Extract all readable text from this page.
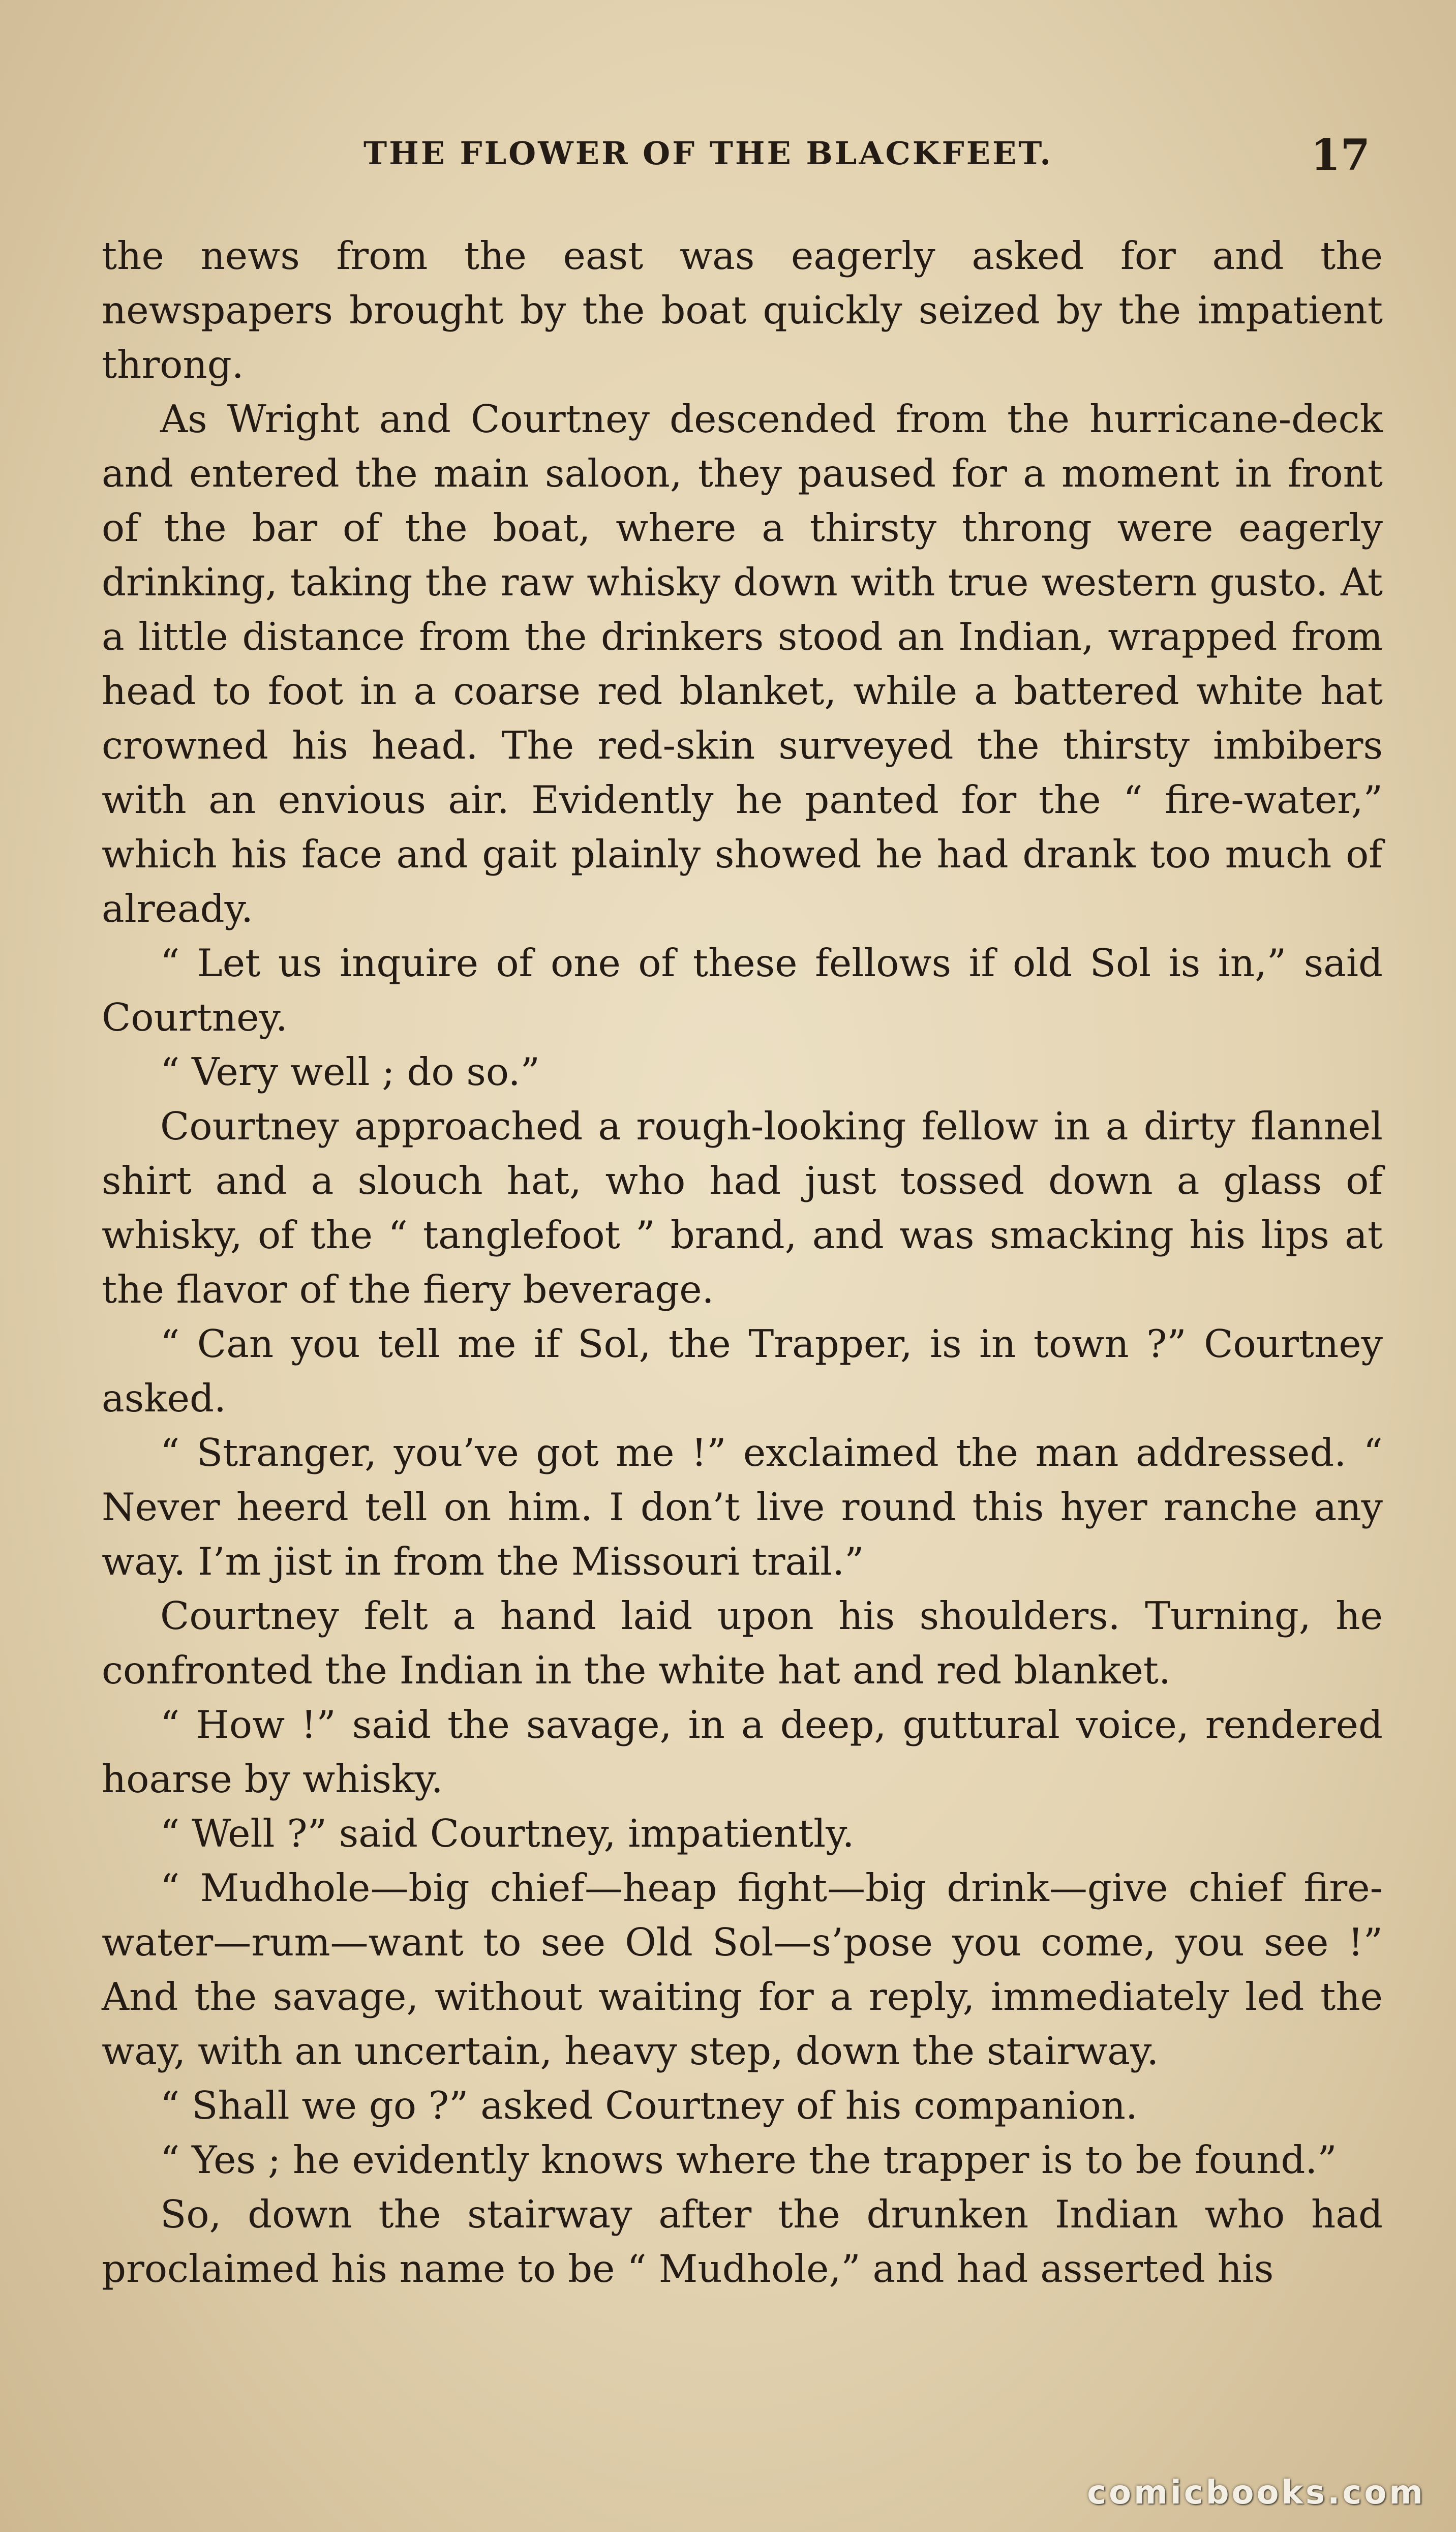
THE FLOWER OF THE BLACKFEET.	17

the news from the east was eagerly asked for and the newspapers brought by the boat quickly seized by the impatient throng.

As Wright and Courtney descended from the hurricane-deck and entered the main saloon, they paused for a moment in front of the bar of the boat, where a thirsty throng were eagerly drinking, taking the raw whisky down with true western gusto. At a little distance from the drinkers stood an Indian, wrapped from head to foot in a coarse red blanket, while a battered white hat crowned his head. The red-skin surveyed the thirsty imbibers with an envious air. Evidently he panted for the “ fire-water,” which his face and gait plainly showed he had drank too much of already.

“ Let us inquire of one of these fellows if old Sol is in,” said Courtney.

“ Very well ; do so.”

Courtney approached a rough-looking fellow in a dirty flannel shirt and a slouch hat, who had just tossed down a glass of whisky, of the “ tanglefoot ” brand, and was smacking his lips at the flavor of the fiery beverage.

“ Can you tell me if Sol, the Trapper, is in town ?” Courtney asked.

“ Stranger, you’ve got me !” exclaimed the man addressed. “ Never heerd tell on him. I don’t live round this hyer ranche any way. I’m jist in from the Missouri trail.”

Courtney felt a hand laid upon his shoulders. Turning, he confronted the Indian in the white hat and red blanket.

“ How !” said the savage, in a deep, guttural voice, rendered hoarse by whisky.

“ Well ?” said Courtney, impatiently.

“ Mudhole—big chief—heap fight—big drink—give chief fire-water—rum—want to see Old Sol—s’pose you come, you see !” And the savage, without waiting for a reply, immediately led the way, with an uncertain, heavy step, down the stairway.

“ Shall we go ?” asked Courtney of his companion.

“ Yes ; he evidently knows where the trapper is to be found.”

So, down the stairway after the drunken Indian who had proclaimed his name to be “ Mudhole,” and had asserted his

comicbooks.com
